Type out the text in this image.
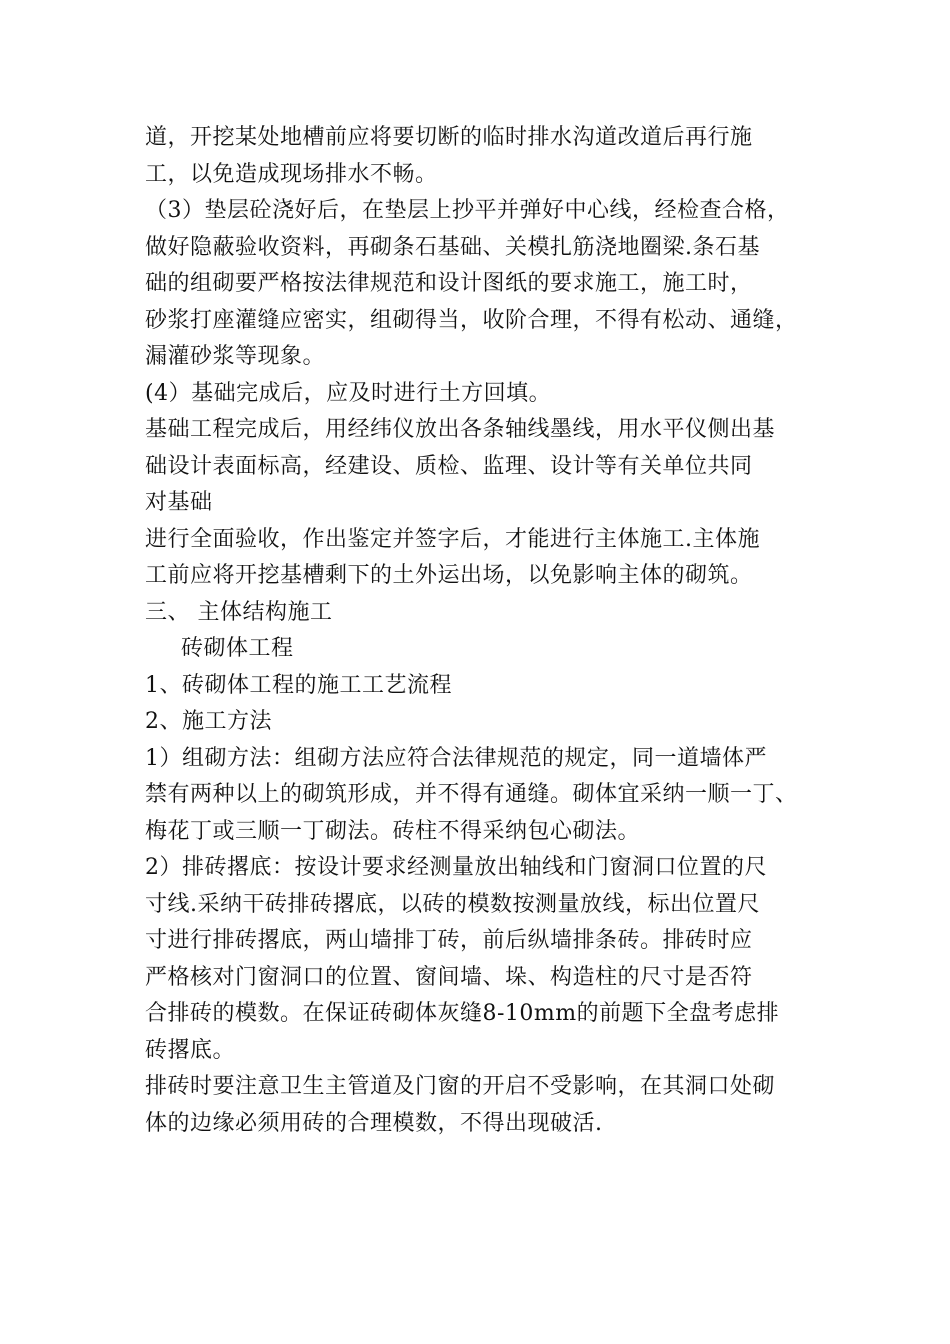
道，开挖某处地槽前应将要切断的临时排水沟道改道后再行施
工，以免造成现场排水不畅。
（3）垫层砼浇好后，在垫层上抄平并弹好中心线，经检查合格，
做好隐蔽验收资料，再砌条石基础、关模扎筋浇地圈梁.条石基
础的组砌要严格按法律规范和设计图纸的要求施工，施工时，
砂浆打座灌缝应密实，组砌得当，收阶合理，不得有松动、通缝，
漏灌砂浆等现象。
(4）基础完成后，应及时进行土方回填。
基础工程完成后，用经纬仪放出各条轴线墨线，用水平仪侧出基
础设计表面标高，经建设、质检、监理、设计等有关单位共同
对基础
进行全面验收，作出鉴定并签字后，才能进行主体施工.主体施
工前应将开挖基槽剩下的土外运出场，以免影响主体的砌筑。
三、 主体结构施工
砖砌体工程
1、砖砌体工程的施工工艺流程
2、施工方法
1）组砌方法：组砌方法应符合法律规范的规定，同一道墙体严
禁有两种以上的砌筑形成，并不得有通缝。砌体宜采纳一顺一丁、
梅花丁或三顺一丁砌法。砖柱不得采纳包心砌法。
2）排砖撂底：按设计要求经测量放出轴线和门窗洞口位置的尺
寸线.采纳干砖排砖撂底，以砖的模数按测量放线，标出位置尺
寸进行排砖撂底，两山墙排丁砖，前后纵墙排条砖。排砖时应
严格核对门窗洞口的位置、窗间墙、垛、构造柱的尺寸是否符
合排砖的模数。在保证砖砌体灰缝8-10mm的前题下全盘考虑排
砖撂底。
排砖时要注意卫生主管道及门窗的开启不受影响，在其洞口处砌
体的边缘必须用砖的合理模数，不得出现破活.
